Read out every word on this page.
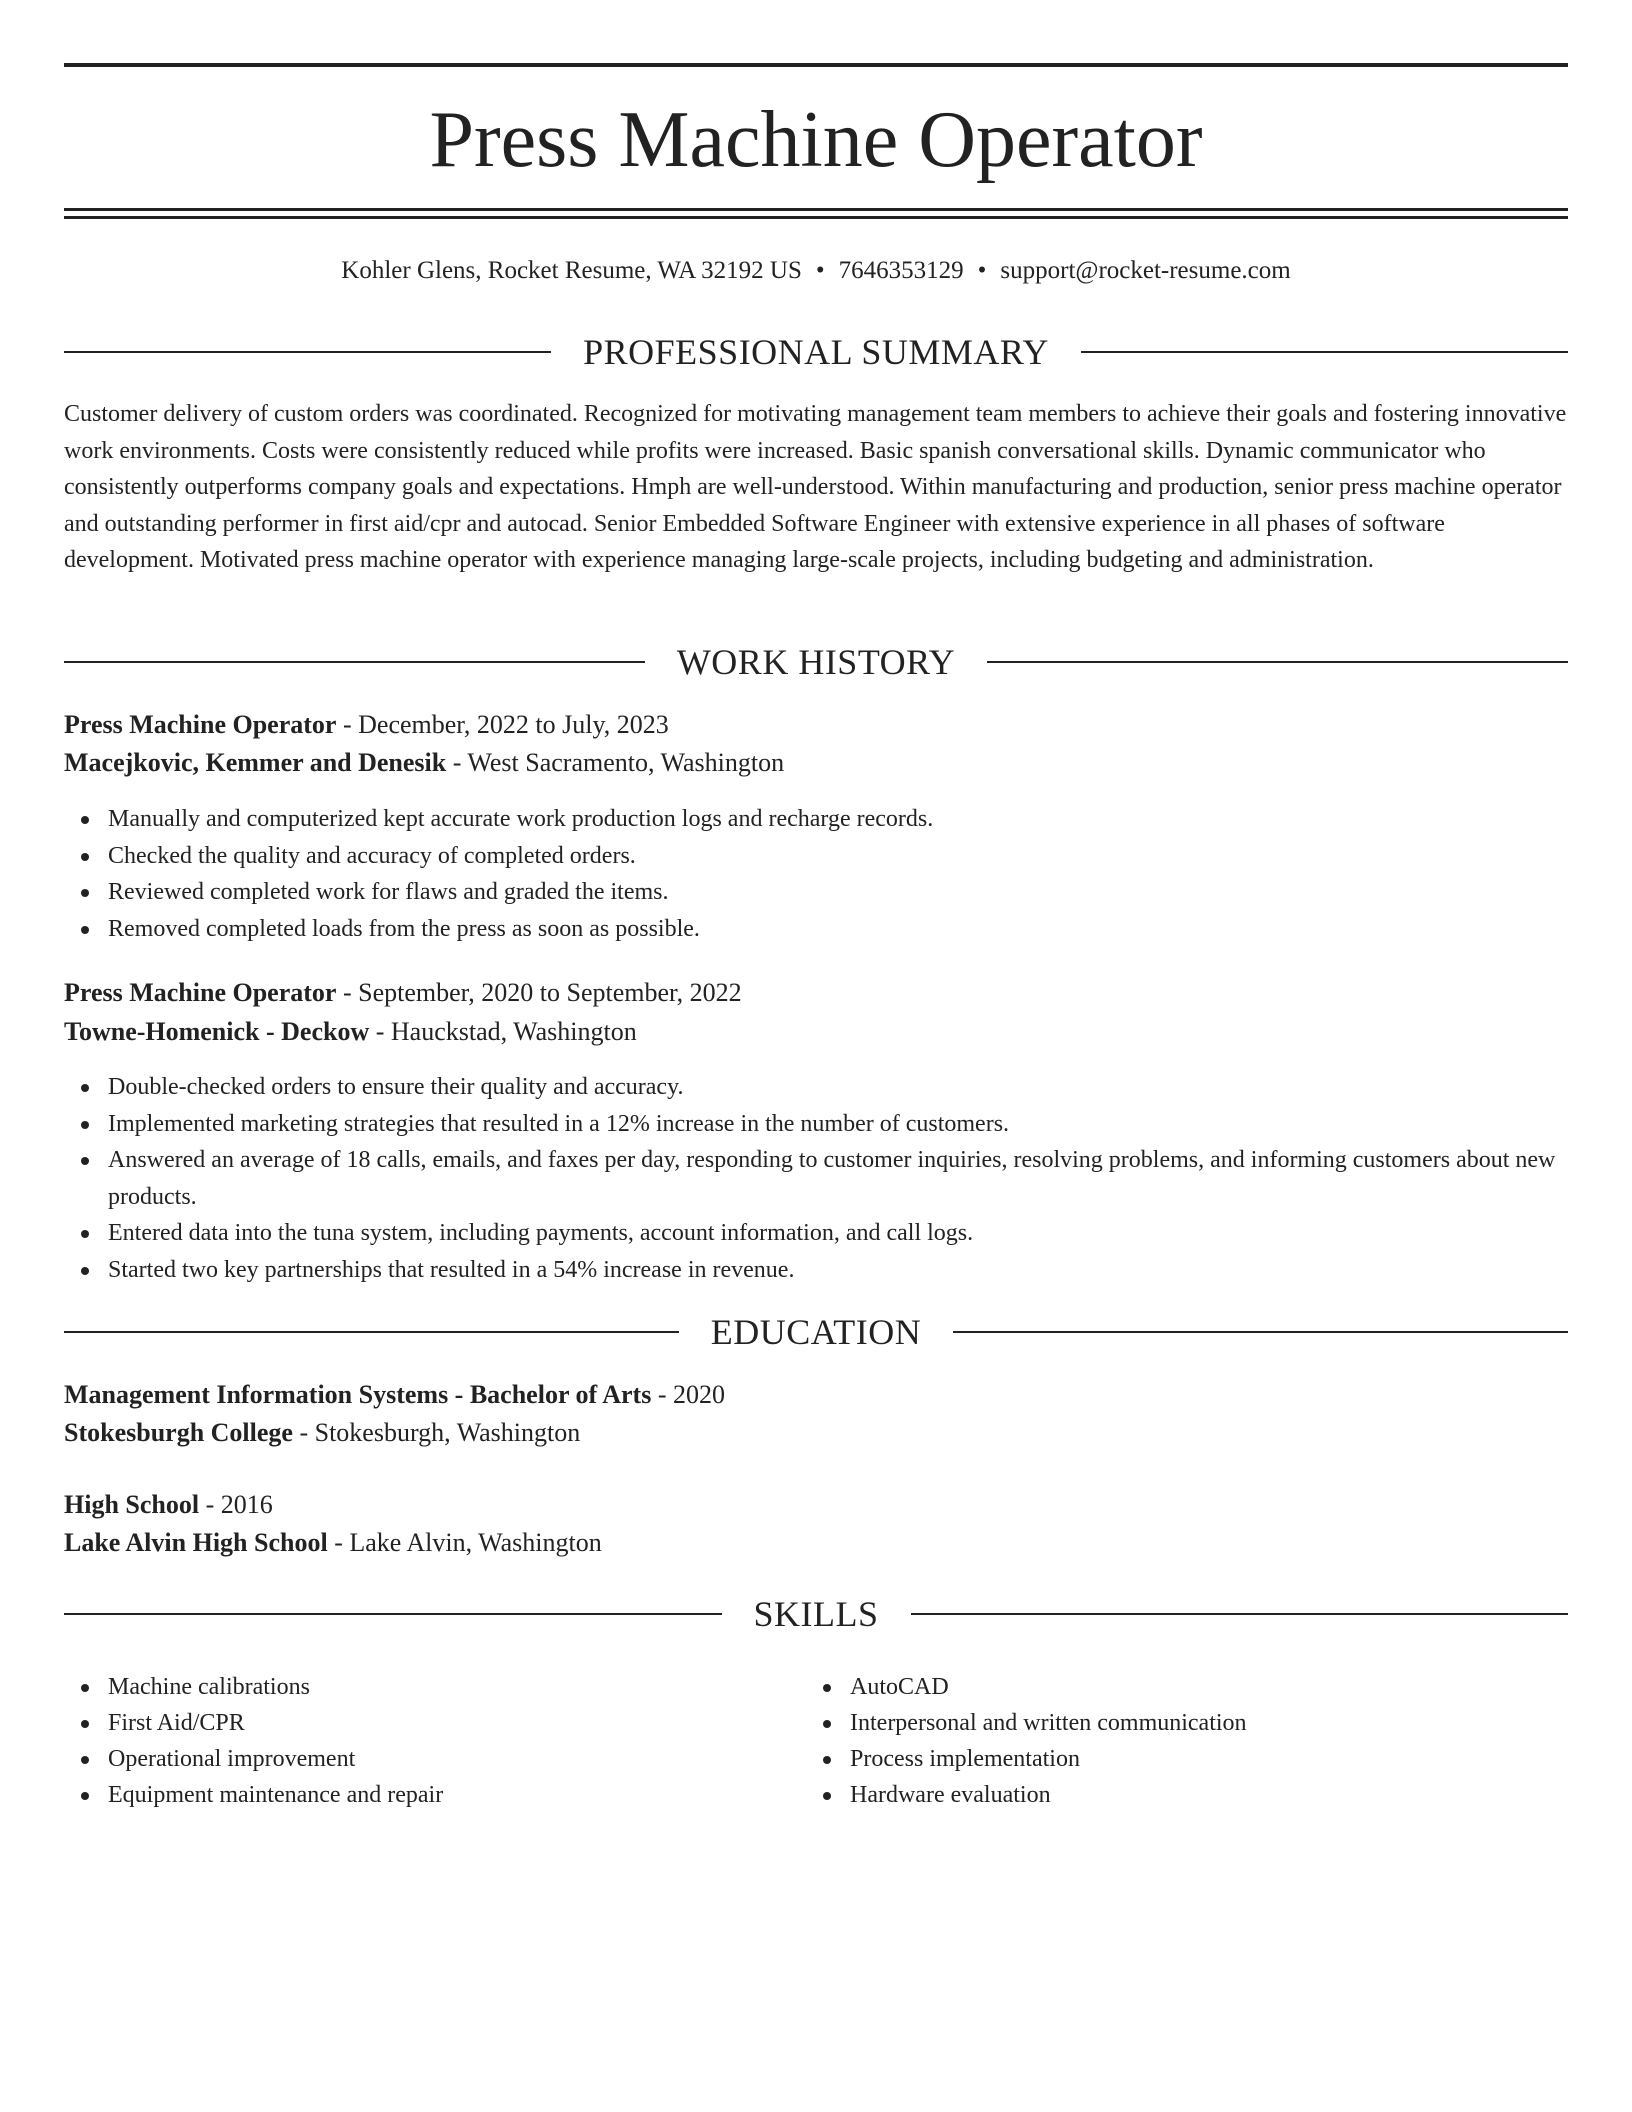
Press Machine Operator
Kohler Glens, Rocket Resume, WA 32192 US • 7646353129 • support@rocket-resume.com
PROFESSIONAL SUMMARY
Customer delivery of custom orders was coordinated. Recognized for motivating management team members to achieve their goals and fostering innovative work environments. Costs were consistently reduced while profits were increased. Basic spanish conversational skills. Dynamic communicator who consistently outperforms company goals and expectations. Hmph are well-understood. Within manufacturing and production, senior press machine operator and outstanding performer in first aid/cpr and autocad. Senior Embedded Software Engineer with extensive experience in all phases of software development. Motivated press machine operator with experience managing large-scale projects, including budgeting and administration.
WORK HISTORY
Press Machine Operator - December, 2022 to July, 2023
Macejkovic, Kemmer and Denesik - West Sacramento, Washington
Manually and computerized kept accurate work production logs and recharge records.
Checked the quality and accuracy of completed orders.
Reviewed completed work for flaws and graded the items.
Removed completed loads from the press as soon as possible.
Press Machine Operator - September, 2020 to September, 2022
Towne-Homenick - Deckow - Hauckstad, Washington
Double-checked orders to ensure their quality and accuracy.
Implemented marketing strategies that resulted in a 12% increase in the number of customers.
Answered an average of 18 calls, emails, and faxes per day, responding to customer inquiries, resolving problems, and informing customers about new products.
Entered data into the tuna system, including payments, account information, and call logs.
Started two key partnerships that resulted in a 54% increase in revenue.
EDUCATION
Management Information Systems - Bachelor of Arts - 2020
Stokesburgh College - Stokesburgh, Washington
High School - 2016
Lake Alvin High School - Lake Alvin, Washington
SKILLS
Machine calibrations
First Aid/CPR
Operational improvement
Equipment maintenance and repair
AutoCAD
Interpersonal and written communication
Process implementation
Hardware evaluation
